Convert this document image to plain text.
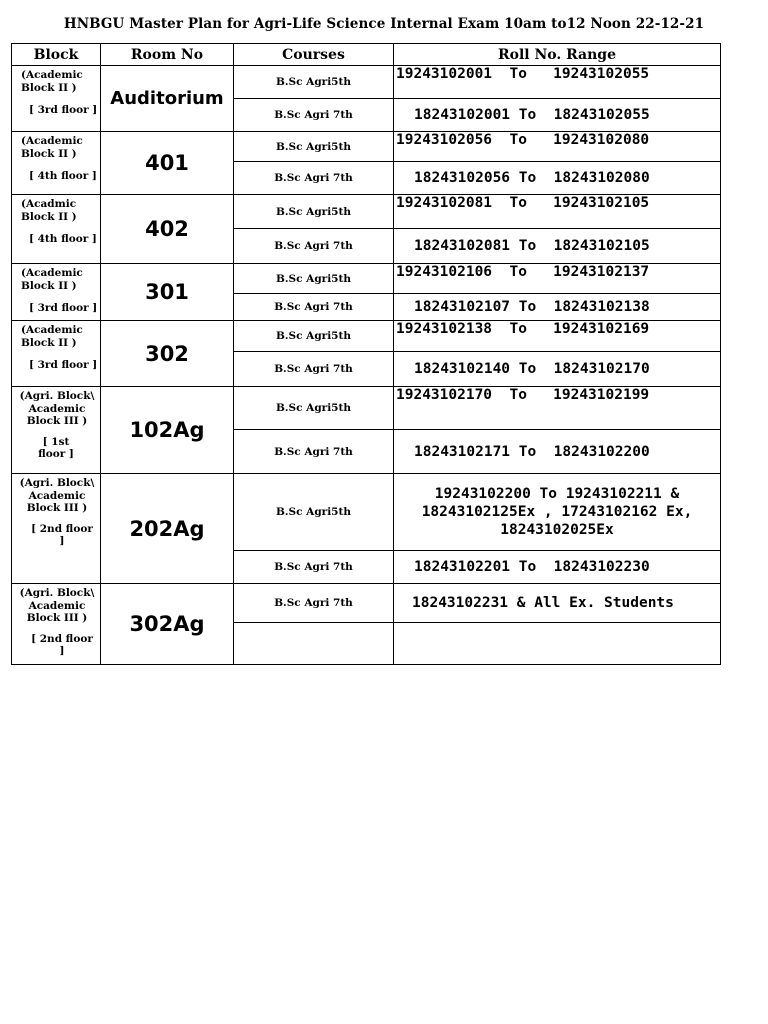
HNBGU Master Plan for Agri-Life Science Internal Exam 10am to12 Noon 22-12-21
Block	Room No	Courses	Roll No. Range

(Academic
Block II )
[ 3rd floor ]	Auditorium	B.Sc Agri5th	19243102001  To   19243102055
		B.Sc Agri 7th	18243102001 To  18243102055

(Academic
Block II )
[ 4th floor ]	401	B.Sc Agri5th	19243102056  To   19243102080
		B.Sc Agri 7th	18243102056 To  18243102080

(Acadmic
Block II )
[ 4th floor ]	402	B.Sc Agri5th	19243102081  To   19243102105
		B.Sc Agri 7th	18243102081 To  18243102105

(Academic
Block II )
[ 3rd floor ]	301	B.Sc Agri5th	19243102106  To   19243102137
		B.Sc Agri 7th	18243102107 To  18243102138

(Academic
Block II )
[ 3rd floor ]	302	B.Sc Agri5th	19243102138  To   19243102169
		B.Sc Agri 7th	18243102140 To  18243102170

(Agri. Block\
Academic
Block III )
[ 1st
floor ]	102Ag	B.Sc Agri5th	19243102170  To   19243102199
		B.Sc Agri 7th	18243102171 To  18243102200

(Agri. Block\
Academic
Block III )
[ 2nd floor
]	202Ag	B.Sc Agri5th	19243102200 To 19243102211 &
18243102125Ex , 17243102162 Ex,
18243102025Ex
		B.Sc Agri 7th	18243102201 To  18243102230

(Agri. Block\
Academic
Block III )
[ 2nd floor
]	302Ag	B.Sc Agri 7th	18243102231 & All Ex. Students
